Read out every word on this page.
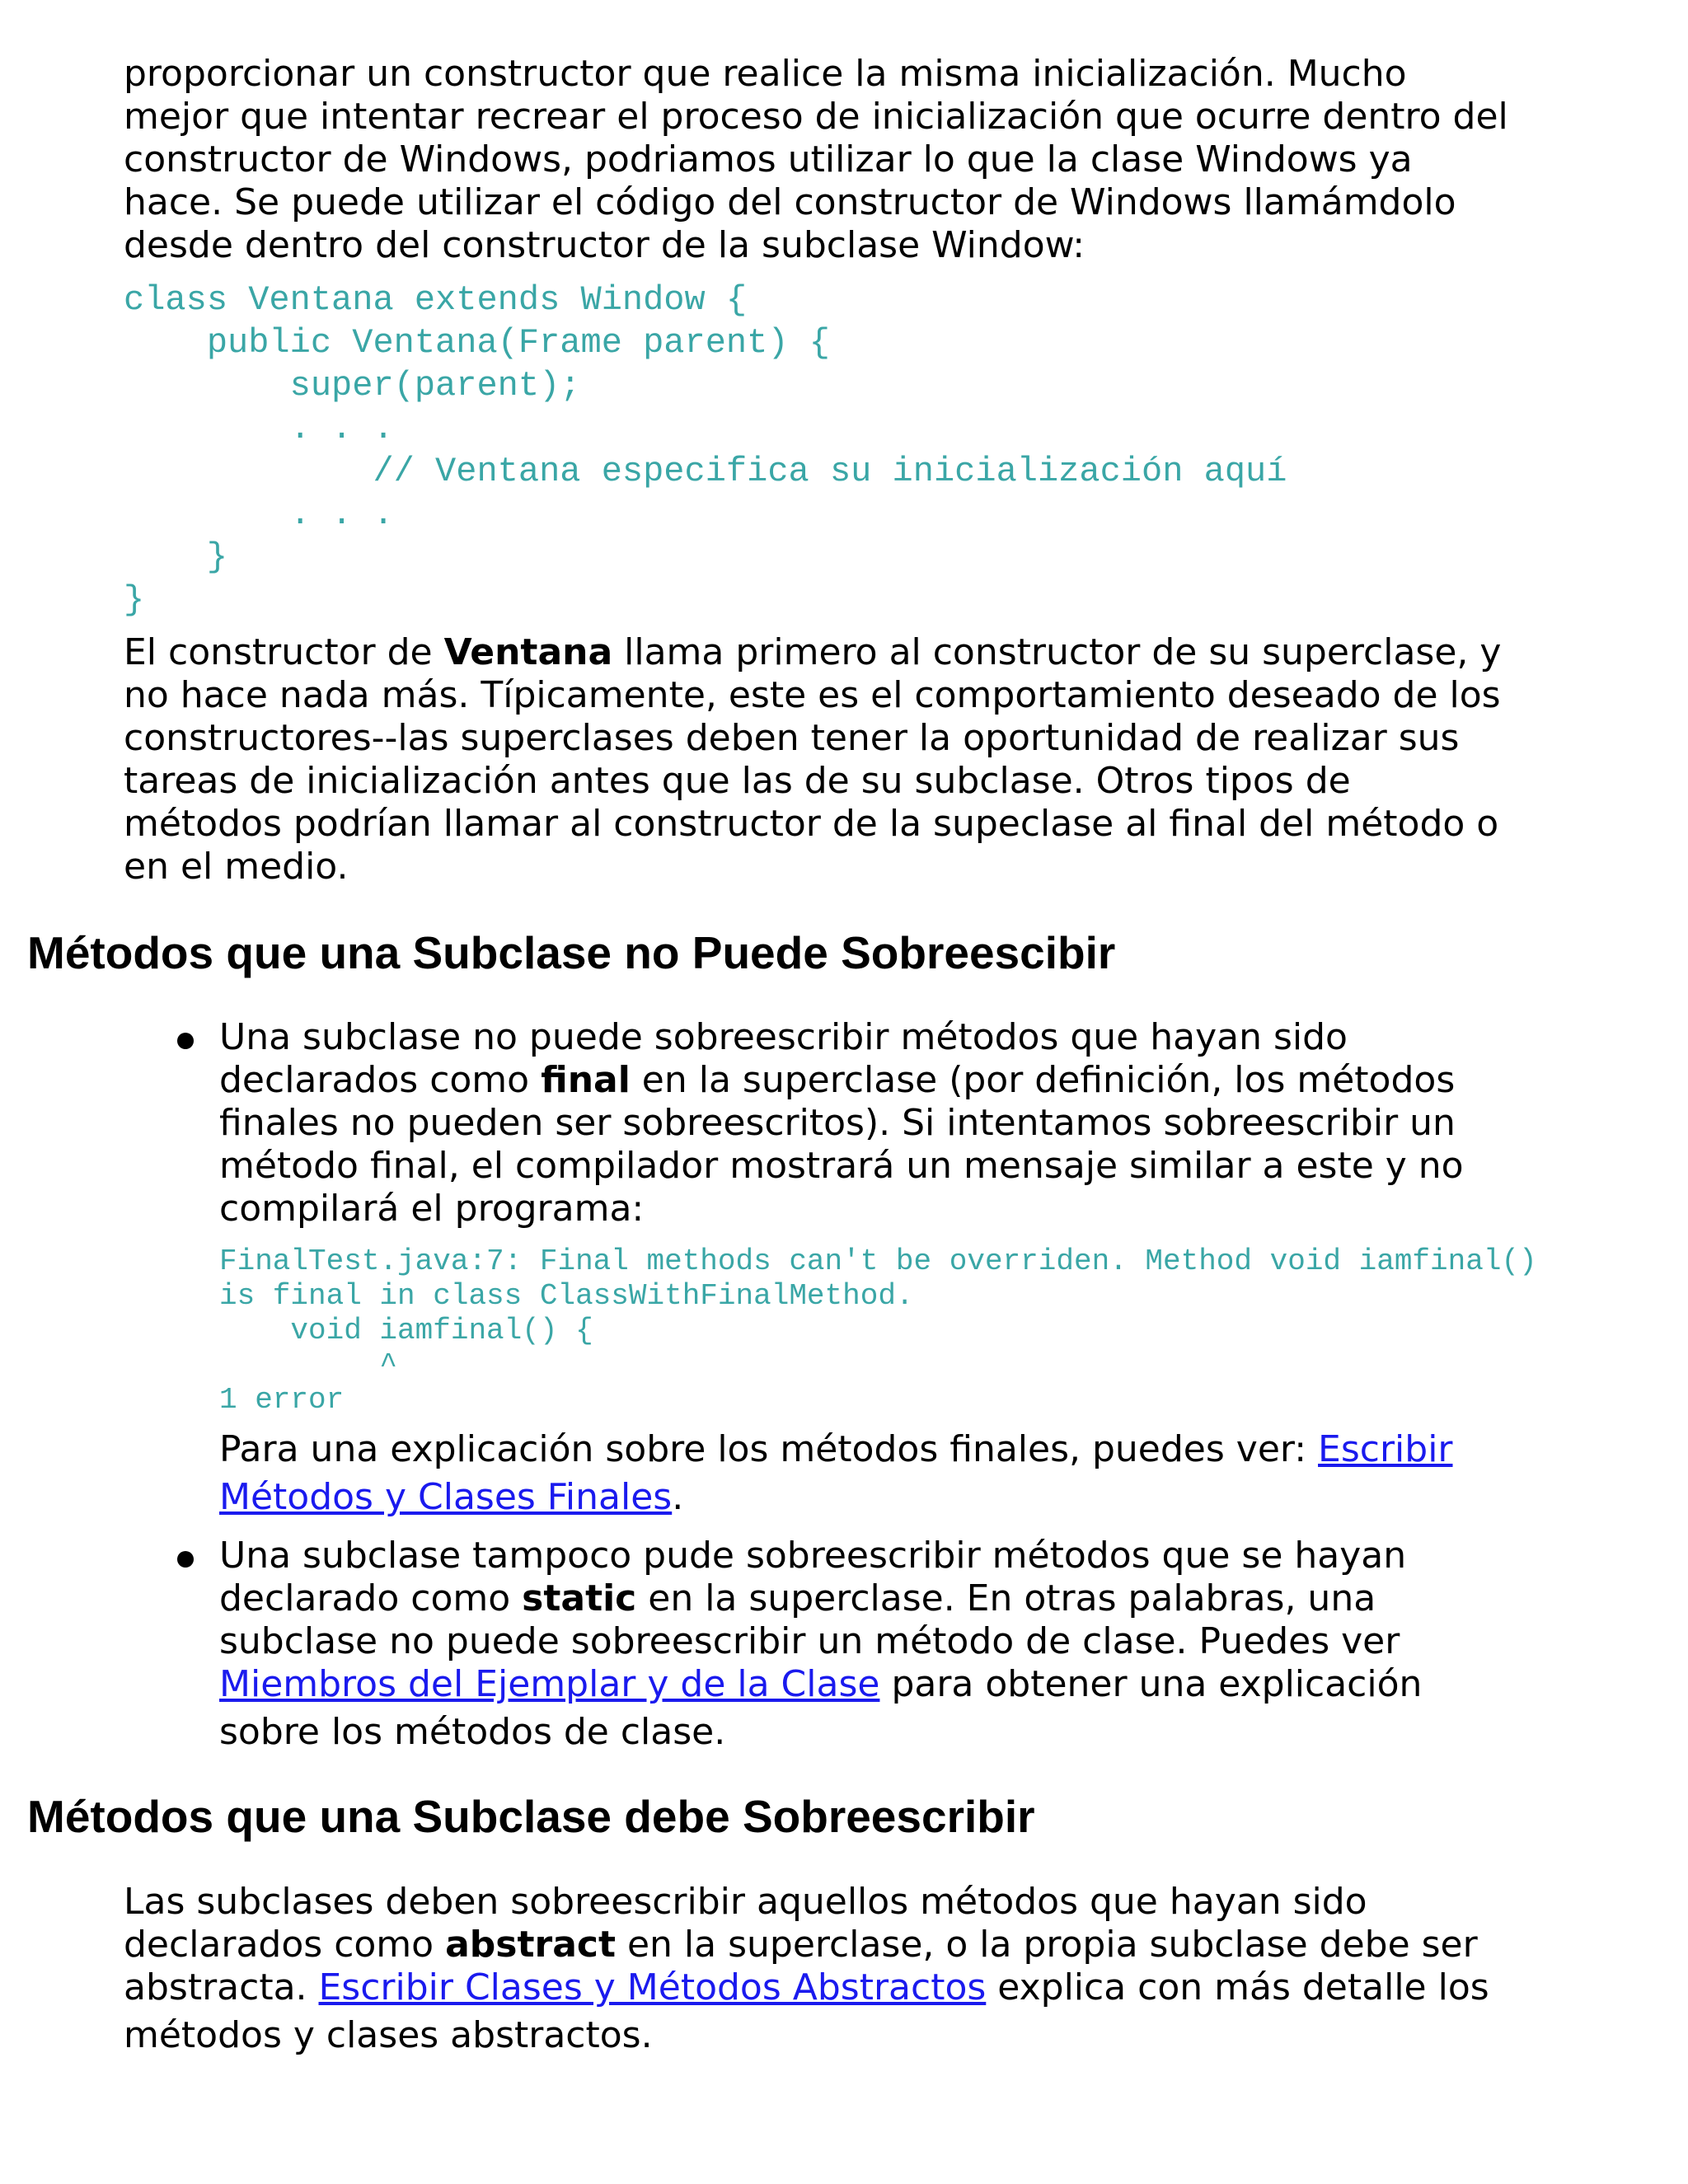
proporcionar un constructor que realice la misma inicialización. Mucho
mejor que intentar recrear el proceso de inicialización que ocurre dentro del
constructor de Windows, podriamos utilizar lo que la clase Windows ya
hace. Se puede utilizar el código del constructor de Windows llamámdolo
desde dentro del constructor de la subclase Window:

class Ventana extends Window {
public Ventana(Frame parent) {
super(parent);
. . .
// Ventana especifica su inicialización aquí
. . .
}
}

El constructor de Ventana llama primero al constructor de su superclase, y
no hace nada más. Típicamente, este es el comportamiento deseado de los
constructores--las superclases deben tener la oportunidad de realizar sus
tareas de inicialización antes que las de su subclase. Otros tipos de
métodos podrían llamar al constructor de la supeclase al final del método o
en el medio.

Métodos que una Subclase no Puede Sobreescibir

Una subclase no puede sobreescribir métodos que hayan sido
declarados como final en la superclase (por definición, los métodos
finales no pueden ser sobreescritos). Si intentamos sobreescribir un
método final, el compilador mostrará un mensaje similar a este y no
compilará el programa:

FinalTest.java:7: Final methods can't be overriden. Method void iamfinal()
is final in class ClassWithFinalMethod.
void iamfinal() {
^
1 error

Para una explicación sobre los métodos finales, puedes ver: Escribir
Métodos y Clases Finales.

Una subclase tampoco pude sobreescribir métodos que se hayan
declarado como static en la superclase. En otras palabras, una
subclase no puede sobreescribir un método de clase. Puedes ver
Miembros del Ejemplar y de la Clase para obtener una explicación
sobre los métodos de clase.

Métodos que una Subclase debe Sobreescribir

Las subclases deben sobreescribir aquellos métodos que hayan sido
declarados como abstract en la superclase, o la propia subclase debe ser
abstracta. Escribir Clases y Métodos Abstractos explica con más detalle los
métodos y clases abstractos.
